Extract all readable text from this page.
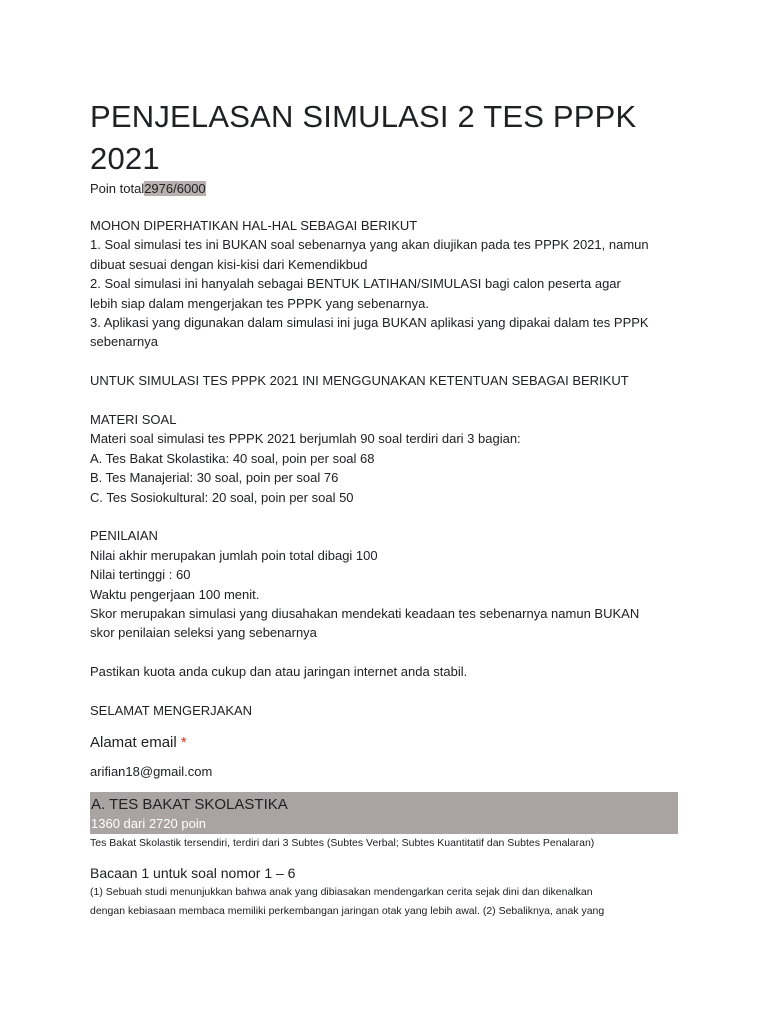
PENJELASAN SIMULASI 2 TES PPPK
2021
Poin total2976/6000

MOHON DIPERHATIKAN HAL-HAL SEBAGAI BERIKUT

1. Soal simulasi tes ini BUKAN soal sebenarnya yang akan diujikan pada tes PPPK 2021, namun

dibuat sesuai dengan kisi-kisi dari Kemendikbud

2. Soal simulasi ini hanyalah sebagai BENTUK LATIHAN/SIMULASI bagi calon peserta agar

lebih siap dalam mengerjakan tes PPPK yang sebenarnya.

3. Aplikasi yang digunakan dalam simulasi ini juga BUKAN aplikasi yang dipakai dalam tes PPPK

sebenarnya

UNTUK SIMULASI TES PPPK 2021 INI MENGGUNAKAN KETENTUAN SEBAGAI BERIKUT

MATERI SOAL

Materi soal simulasi tes PPPK 2021 berjumlah 90 soal terdiri dari 3 bagian:

A. Tes Bakat Skolastika: 40 soal, poin per soal 68

B. Tes Manajerial: 30 soal, poin per soal 76

C. Tes Sosiokultural: 20 soal, poin per soal 50

PENILAIAN

Nilai akhir merupakan jumlah poin total dibagi 100

Nilai tertinggi : 60

Waktu pengerjaan 100 menit.

Skor merupakan simulasi yang diusahakan mendekati keadaan tes sebenarnya namun BUKAN

skor penilaian seleksi yang sebenarnya

Pastikan kuota anda cukup dan atau jaringan internet anda stabil.

SELAMAT MENGERJAKAN

Alamat email *
arifian18@gmail.com
A. TES BAKAT SKOLASTIKA
1360 dari 2720 poin
Tes Bakat Skolastik tersendiri, terdiri dari 3 Subtes (Subtes Verbal; Subtes Kuantitatif dan Subtes Penalaran)
Bacaan 1 untuk soal nomor 1 – 6
(1) Sebuah studi menunjukkan bahwa anak yang dibiasakan mendengarkan cerita sejak dini dan dikenalkan
dengan kebiasaan membaca memiliki perkembangan jaringan otak yang lebih awal. (2) Sebaliknya, anak yang
